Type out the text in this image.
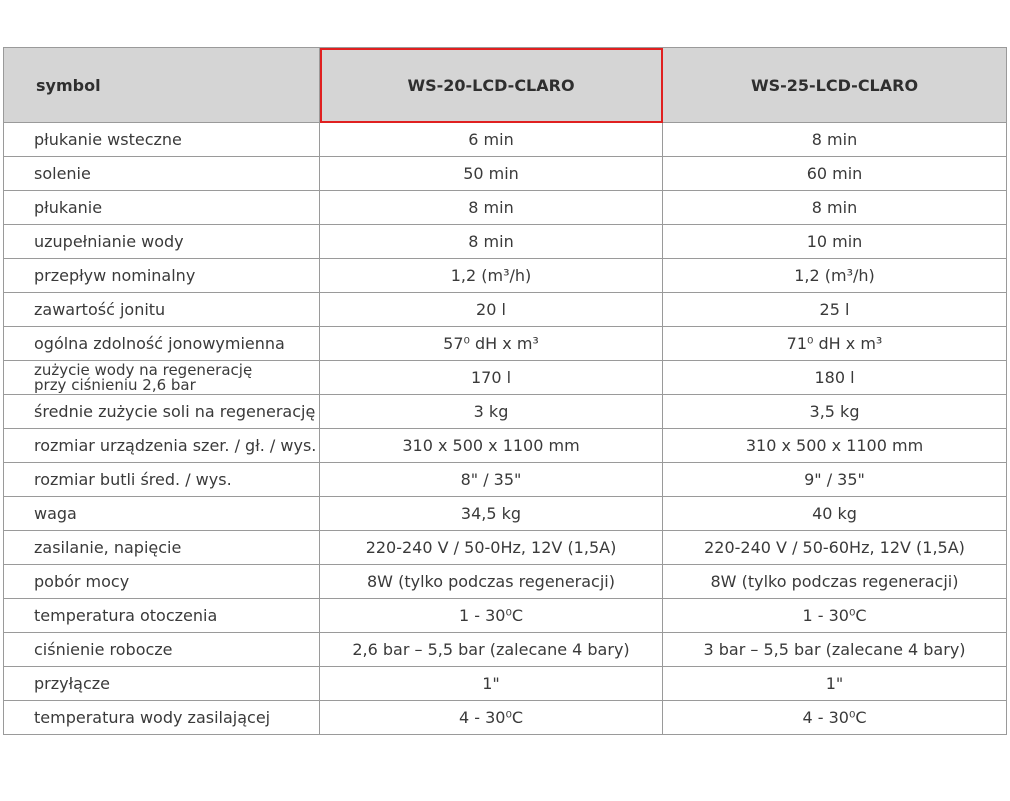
symbol	WS-20-LCD-CLARO	WS-25-LCD-CLARO
płukanie wsteczne	6 min	8 min
solenie	50 min	60 min
płukanie	8 min	8 min
uzupełnianie wody	8 min	10 min
przepływ nominalny	1,2 (m³/h)	1,2 (m³/h)
zawartość jonitu	20 l	25 l
ogólna zdolność jonowymienna	57⁰ dH x m³	71⁰ dH x m³

zużycie wody na regenerację
przy ciśnieniu 2,6 bar	170 l	180 l
średnie zużycie soli na regenerację	3 kg	3,5 kg
rozmiar urządzenia szer. / gł. / wys.	310 x 500 x 1100 mm	310 x 500 x 1100 mm
rozmiar butli śred. / wys.	8" / 35"	9" / 35"
waga	34,5 kg	40 kg
zasilanie, napięcie	220-240 V / 50-0Hz, 12V (1,5A)	220-240 V / 50-60Hz, 12V (1,5A)
pobór mocy	8W (tylko podczas regeneracji)	8W (tylko podczas regeneracji)
temperatura otoczenia	1 - 30⁰C	1 - 30⁰C
ciśnienie robocze	2,6 bar – 5,5 bar (zalecane 4 bary)	3 bar – 5,5 bar (zalecane 4 bary)
przyłącze	1"	1"
temperatura wody zasilającej	4 - 30⁰C	4 - 30⁰C
